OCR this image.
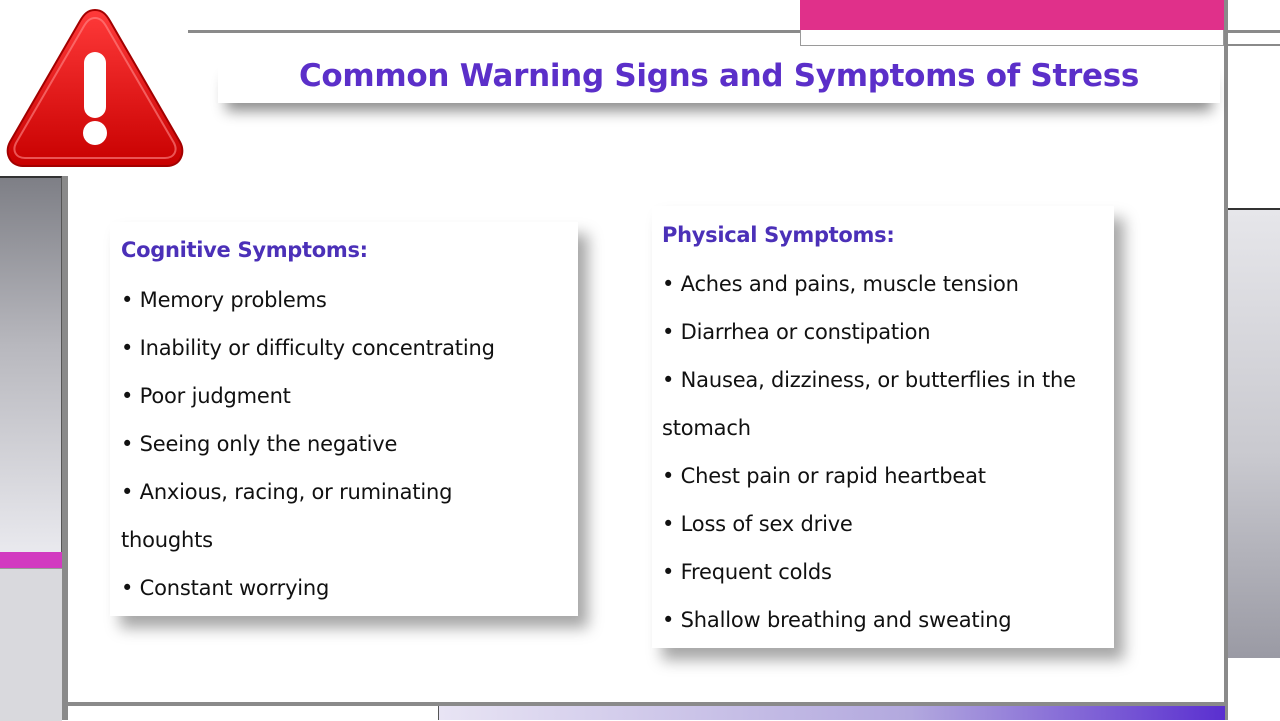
Common Warning Signs and Symptoms of Stress
Cognitive Symptoms:
• Memory problems
• Inability or difficulty concentrating
• Poor judgment
• Seeing only the negative
• Anxious, racing, or ruminating
thoughts
• Constant worrying
Physical Symptoms:
• Aches and pains, muscle tension
• Diarrhea or constipation
• Nausea, dizziness, or butterflies in the
stomach
• Chest pain or rapid heartbeat
• Loss of sex drive
• Frequent colds
• Shallow breathing and sweating
